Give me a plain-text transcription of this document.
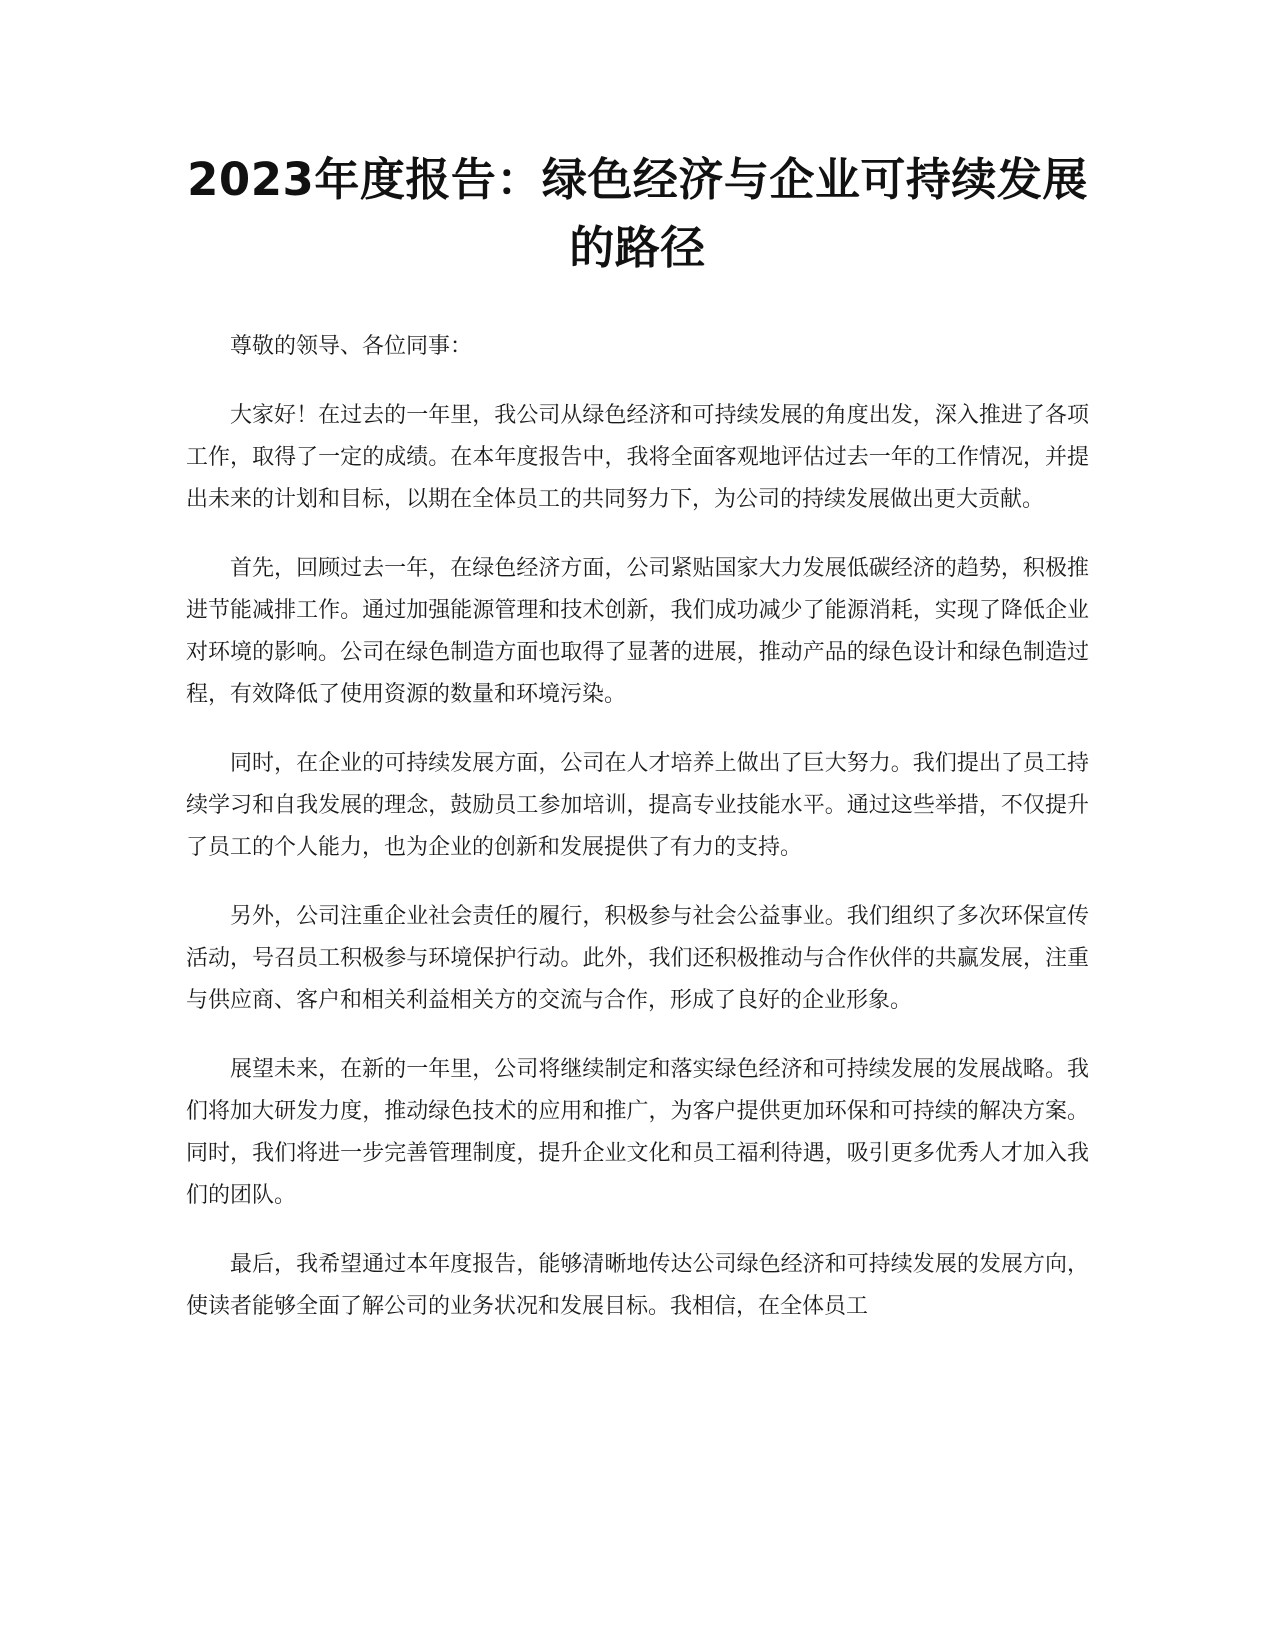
2023年度报告：绿色经济与企业可持续发展的路径

尊敬的领导、各位同事：

大家好！在过去的一年里，我公司从绿色经济和可持续发展的角度出发，深入推进了各项工作，取得了一定的成绩。在本年度报告中，我将全面客观地评估过去一年的工作情况，并提出未来的计划和目标，以期在全体员工的共同努力下，为公司的持续发展做出更大贡献。

首先，回顾过去一年，在绿色经济方面，公司紧贴国家大力发展低碳经济的趋势，积极推进节能减排工作。通过加强能源管理和技术创新，我们成功减少了能源消耗，实现了降低企业对环境的影响。公司在绿色制造方面也取得了显著的进展，推动产品的绿色设计和绿色制造过程，有效降低了使用资源的数量和环境污染。

同时，在企业的可持续发展方面，公司在人才培养上做出了巨大努力。我们提出了员工持续学习和自我发展的理念，鼓励员工参加培训，提高专业技能水平。通过这些举措，不仅提升了员工的个人能力，也为企业的创新和发展提供了有力的支持。

另外，公司注重企业社会责任的履行，积极参与社会公益事业。我们组织了多次环保宣传活动，号召员工积极参与环境保护行动。此外，我们还积极推动与合作伙伴的共赢发展，注重与供应商、客户和相关利益相关方的交流与合作，形成了良好的企业形象。

展望未来，在新的一年里，公司将继续制定和落实绿色经济和可持续发展的发展战略。我们将加大研发力度，推动绿色技术的应用和推广，为客户提供更加环保和可持续的解决方案。同时，我们将进一步完善管理制度，提升企业文化和员工福利待遇，吸引更多优秀人才加入我们的团队。

最后，我希望通过本年度报告，能够清晰地传达公司绿色经济和可持续发展的发展方向，使读者能够全面了解公司的业务状况和发展目标。我相信，在全体员工
